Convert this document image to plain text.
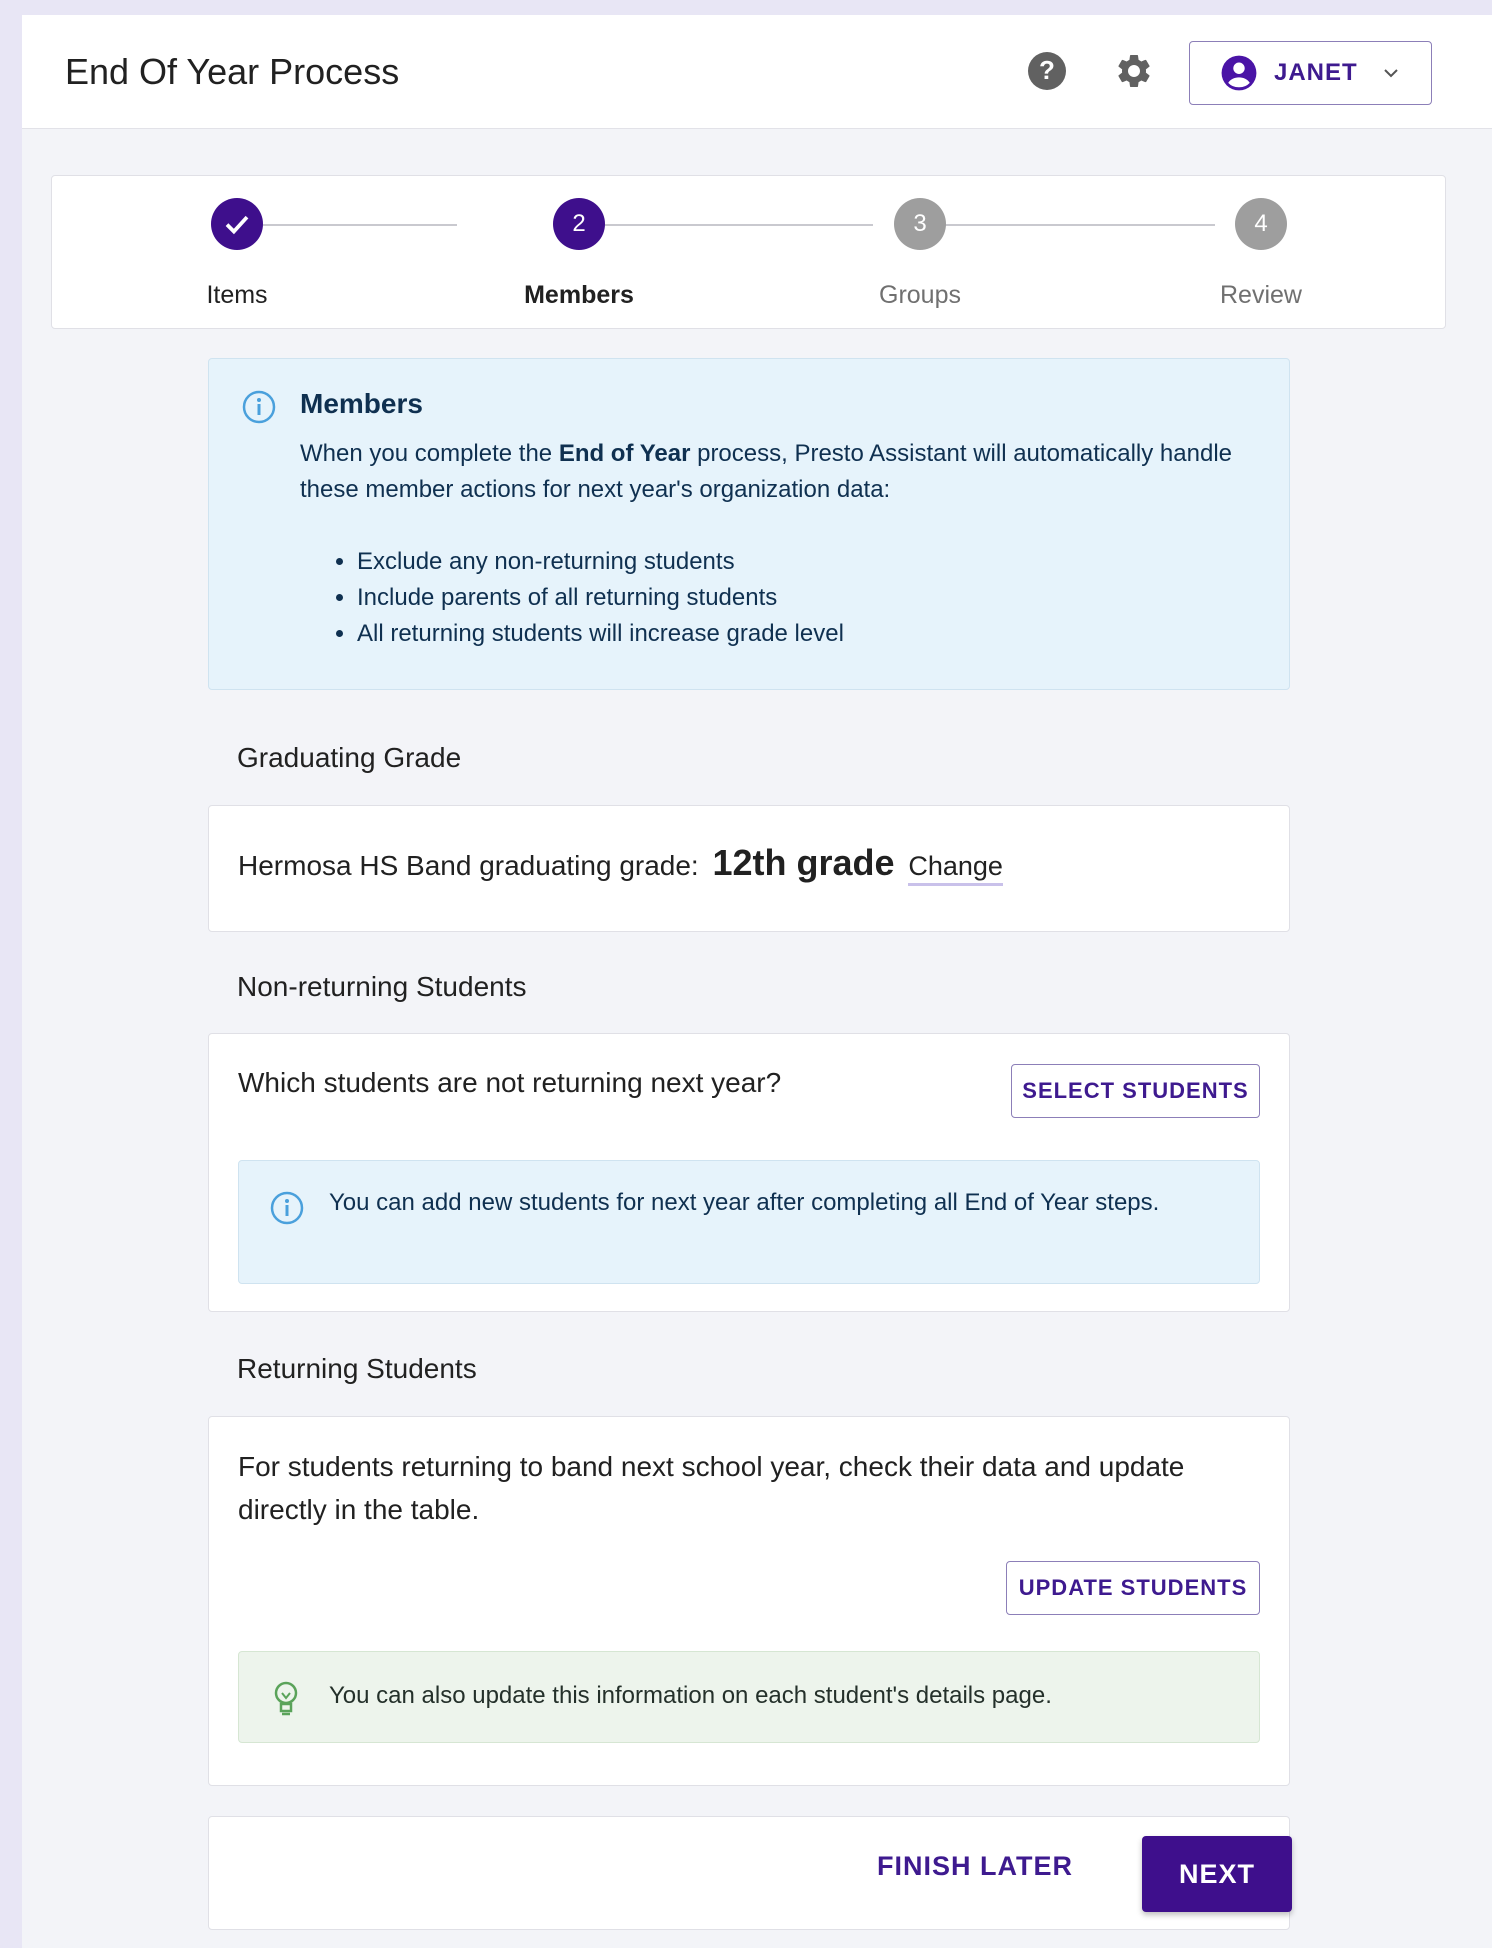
End Of Year Process	?	JANET
2	3	4
Items	Members	Groups	Review
Members
When you complete the End of Year process, Presto Assistant will automatically handle these member actions for next year's organization data:
• Exclude any non-returning students
• Include parents of all returning students
• All returning students will increase grade level
Graduating Grade
Hermosa HS Band graduating grade: 12th grade Change
Non-returning Students
Which students are not returning next year?	SELECT STUDENTS
You can add new students for next year after completing all End of Year steps.
Returning Students
For students returning to band next school year, check their data and update directly in the table.
UPDATE STUDENTS
You can also update this information on each student's details page.
FINISH LATER	NEXT
